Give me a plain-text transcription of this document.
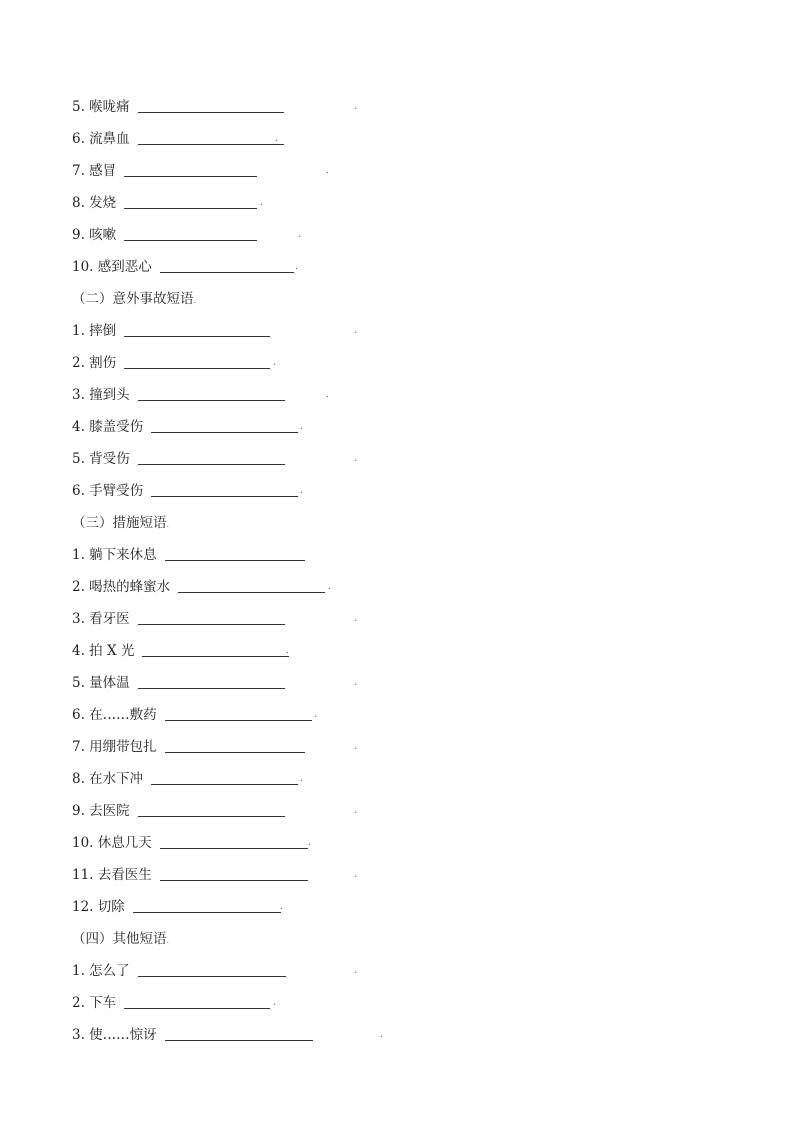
5. 喉咙痛	.
6. 流鼻血	.
7. 感冒	.
8. 发烧	.
9. 咳嗽	.
10. 感到恶心	.
（二）意外事故短语.
1. 摔倒	.
2. 割伤	.
3. 撞到头	.
4. 膝盖受伤	.
5. 背受伤	.
6. 手臂受伤	.
（三）措施短语.
1. 躺下来休息
2. 喝热的蜂蜜水	.
3. 看牙医	.
4. 拍 X 光	.
5. 量体温	.
6. 在……敷药	.
7. 用绷带包扎	.
8. 在水下冲	.
9. 去医院	.
10. 休息几天	.
11. 去看医生	.
12. 切除	.
（四）其他短语.
1. 怎么了	.
2. 下车	.
3. 使……惊讶	.
